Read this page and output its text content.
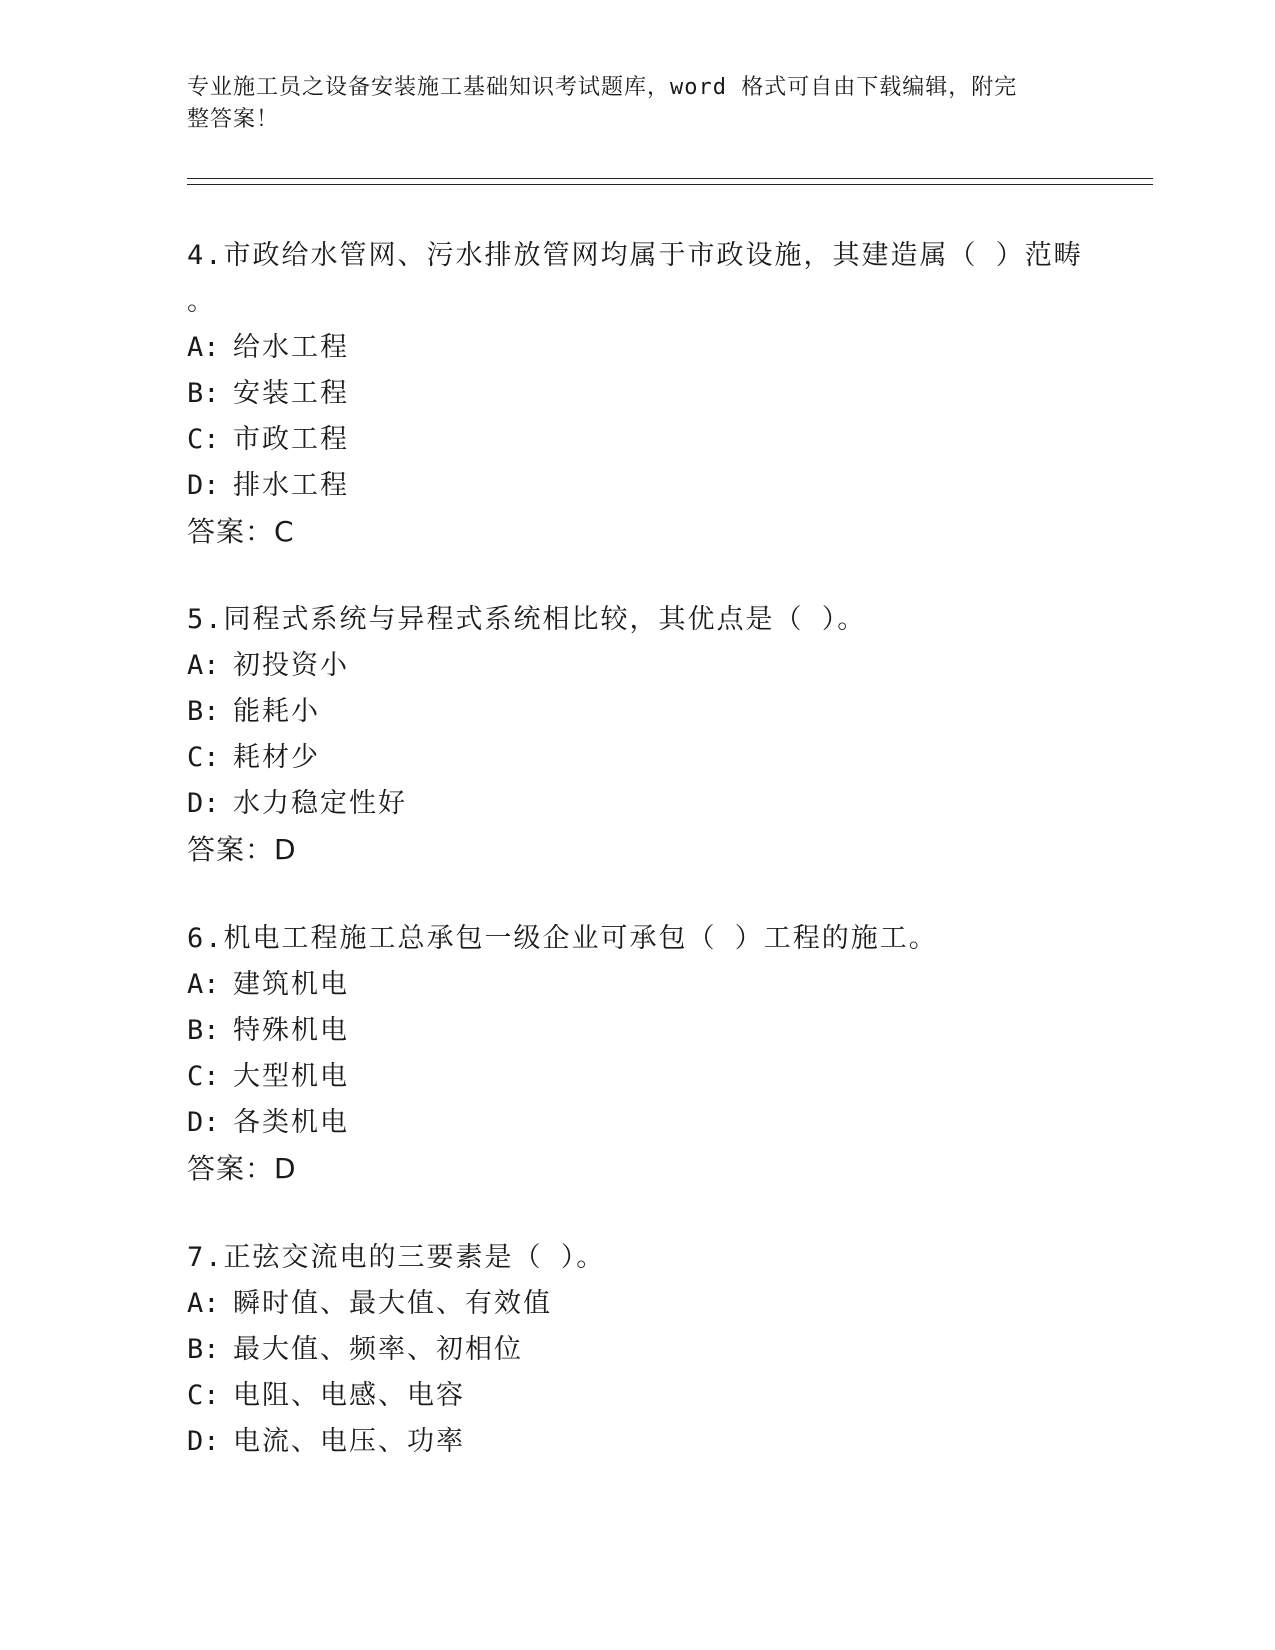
专业施工员之设备安装施工基础知识考试题库，word 格式可自由下载编辑，附完
整答案！

4.市政给水管网、污水排放管网均属于市政设施，其建造属（ ）范畴

。

A: 给水工程

B: 安装工程

C: 市政工程

D: 排水工程

答案：C

5.同程式系统与异程式系统相比较，其优点是（ ）。

A: 初投资小

B: 能耗小

C: 耗材少

D: 水力稳定性好

答案：D

6.机电工程施工总承包一级企业可承包（ ）工程的施工。

A: 建筑机电

B: 特殊机电

C: 大型机电

D: 各类机电

答案：D

7.正弦交流电的三要素是（ ）。

A: 瞬时值、最大值、有效值

B: 最大值、频率、初相位

C: 电阻、电感、电容

D: 电流、电压、功率
